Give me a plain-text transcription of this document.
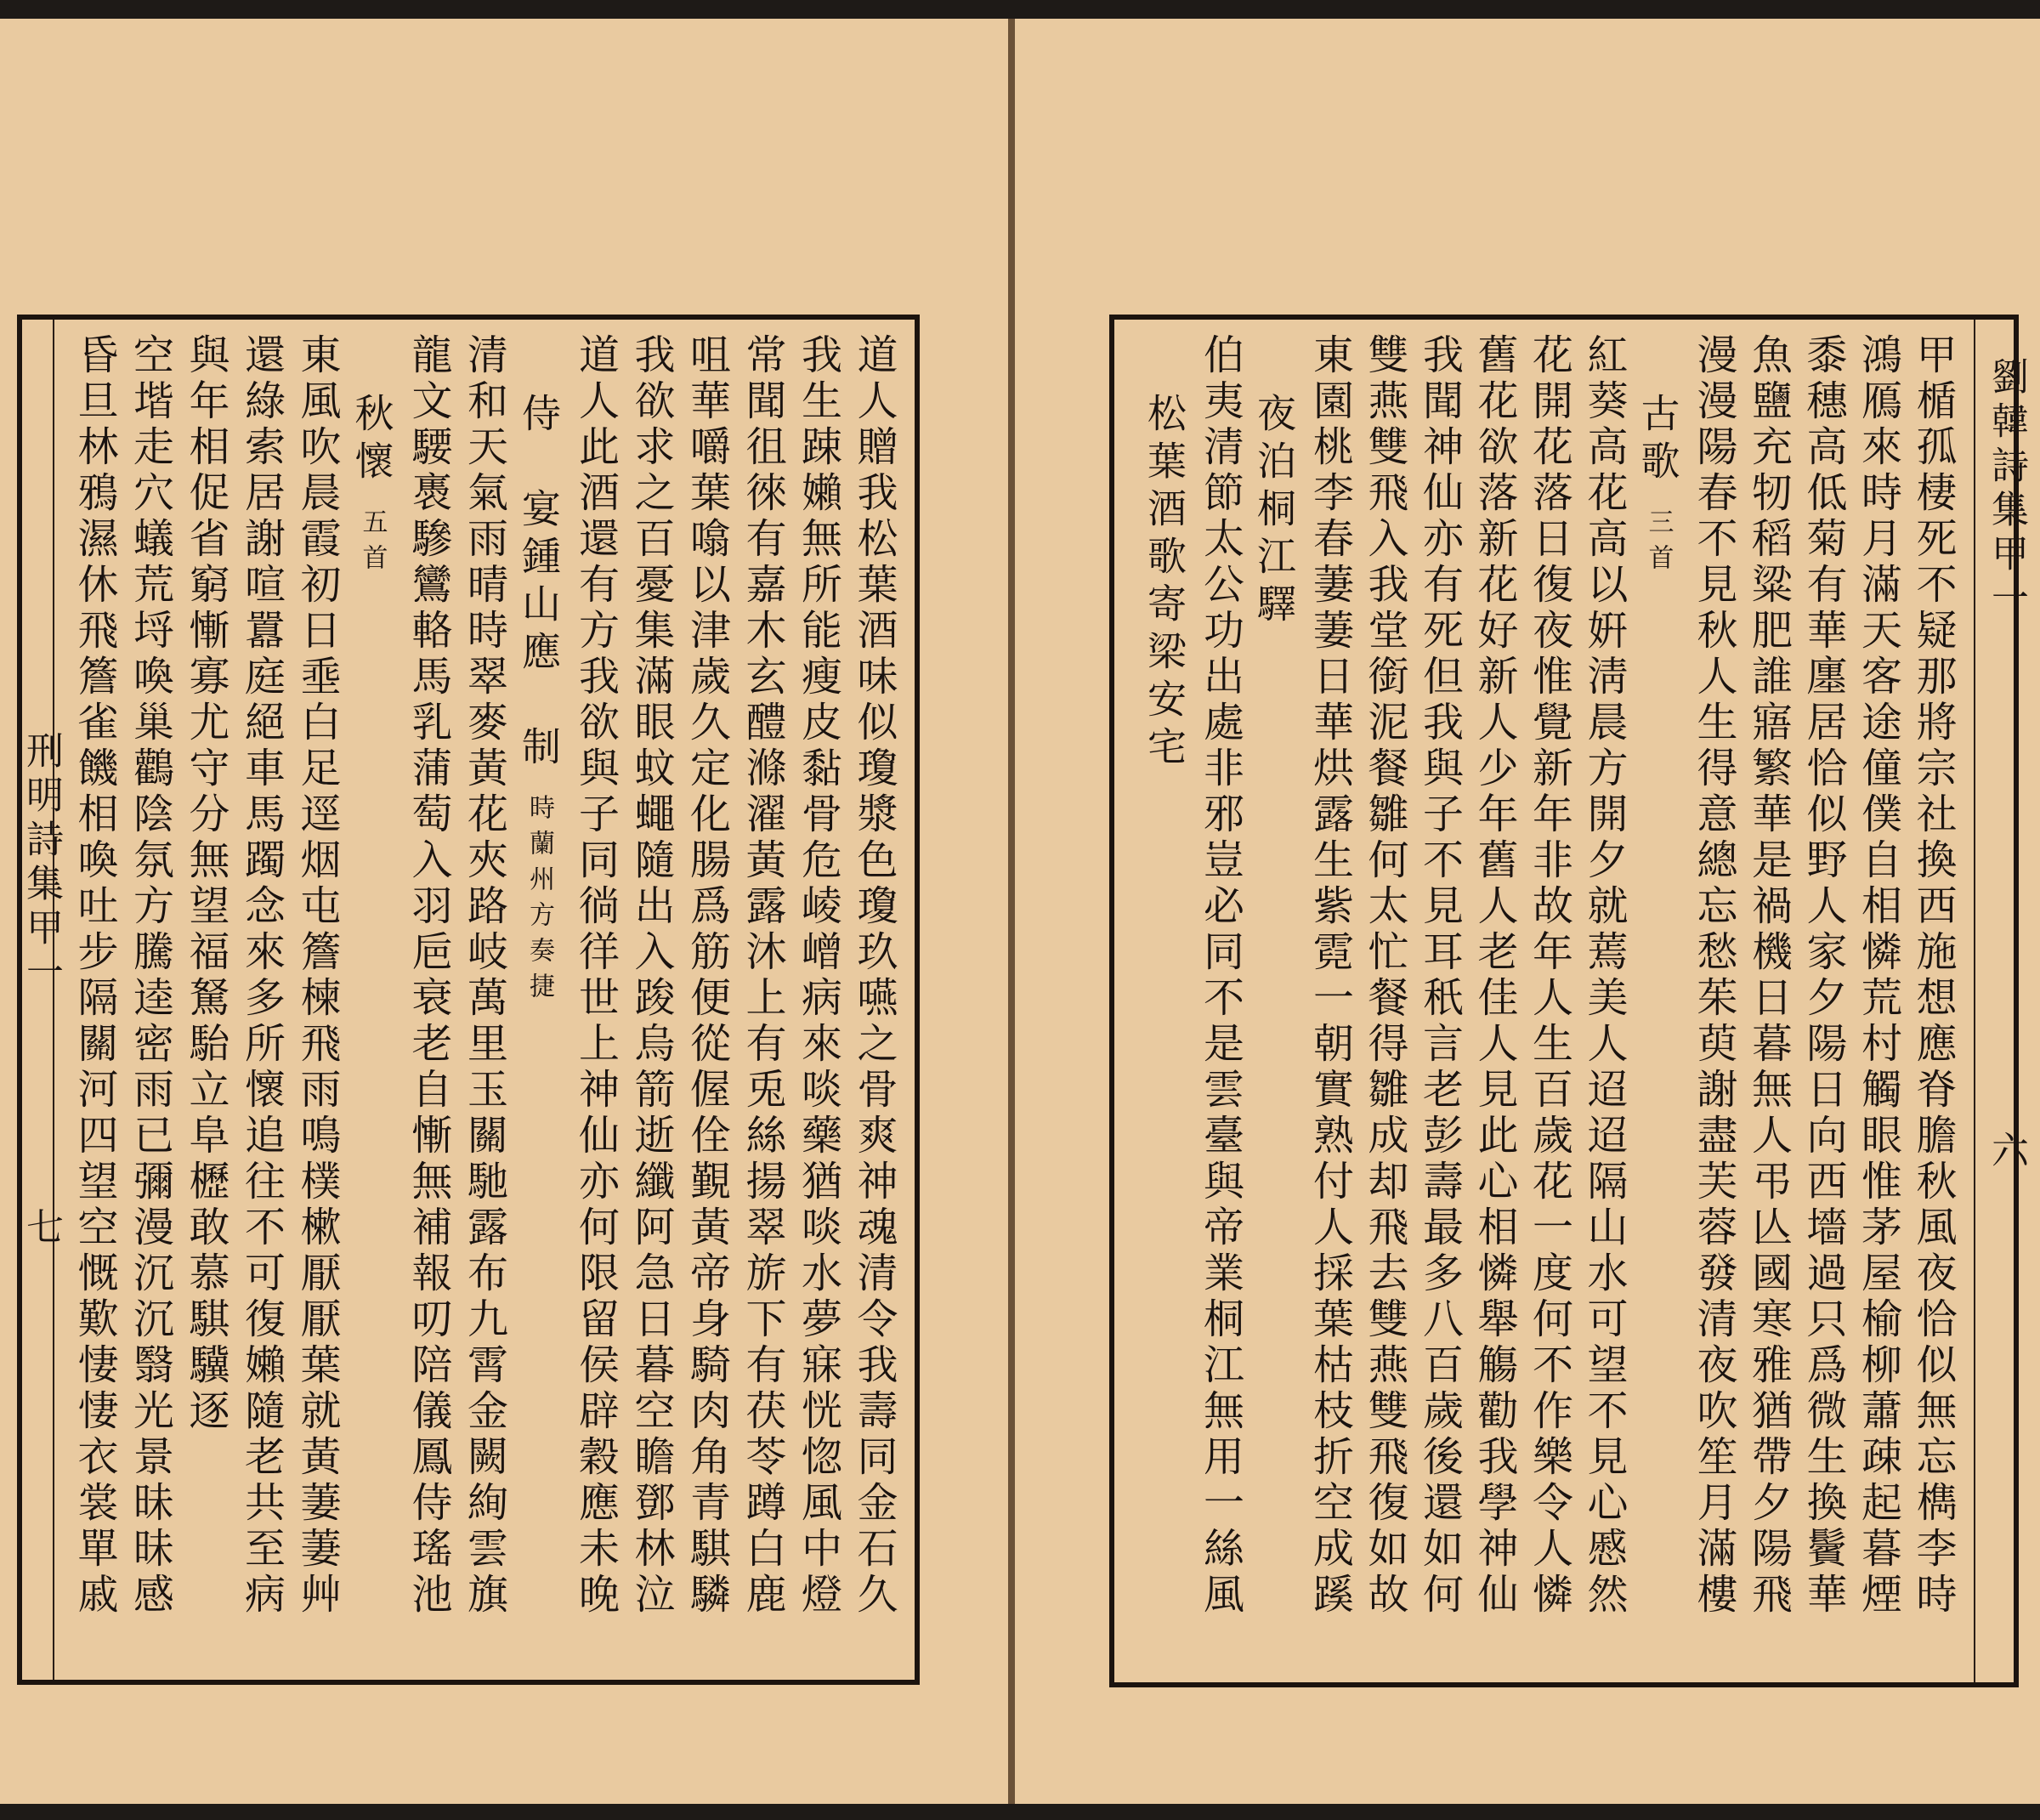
刑明詩集甲一
七
劉韓詩集甲一
六
道人贈我松葉酒味似瓊漿色瓊玖嚥之骨爽神魂清令我壽同金石久
我生踈嬾無所能瘦皮黏骨危崚嶒病來啖藥猶啖水夢寐恍惚風中燈
常聞徂徠有嘉木玄醴滌濯黃露沐上有兎絲揚翠旂下有茯苓蹲白鹿
咀華嚼葉噏以津歲久定化腸爲筋便從偓佺覲黃帝身騎肉角青騏驎
我欲求之百憂集滿眼蚊蠅隨出入踆烏箭逝纖阿急日暮空瞻鄧林泣
道人此酒還有方我欲與子同徜徉世上神仙亦何限留侯辟穀應未晚
侍　宴鍾山應　制時蘭州方奏捷
清和天氣雨晴時翠麥黃花夾路岐萬里玉關馳露布九霄金闕絢雲旗
龍文騕褭驂鸞輅馬乳蒲萄入羽巵衰老自慚無補報叨陪儀鳳侍瑤池
秋懷五首
東風吹晨霞初日埀白足逕烟屯簷楝飛雨鳴樸樕厭厭葉就黃萋萋艸
還綠索居謝喧囂庭絕車馬躅念來多所懷追往不可復嬾隨老共至病
與年相促省窮慚寡尤守分無望福駑駘立阜櫪敢慕騏驥逐
空堦走穴蟻荒埒喚巢鸛陰氛方騰逵密雨已彌漫沉沉翳光景昧昧感
昏旦林鴉濕休飛簷雀饑相喚吐步隔關河四望空慨歎悽悽衣裳單戚	甲楯孤棲死不疑那將宗社換西施想應脊膽秋風夜恰似無忘檇李時
鴻鴈來時月滿天客途僮僕自相憐荒村觸眼惟茅屋榆柳蕭疎起暮煙
黍穗高低菊有華廛居恰似野人家夕陽日向西墻過只爲微生換鬢華
魚鹽充牣稻粱肥誰寤繁華是禍機日暮無人弔亾國寒雅猶帶夕陽飛
漫漫陽春不見秋人生得意總忘愁茱萸謝盡芙蓉發清夜吹笙月滿樓
古歌三首
紅葵高花高以姸淸晨方開夕就蔫美人迢迢隔山水可望不見心慼然
花開花落日復夜惟覺新年非故年人生百歲花一度何不作樂令人憐
舊花欲落新花好新人少年舊人老佳人見此心相憐舉觴勸我學神仙
我聞神仙亦有死但我與子不見耳秖言老彭壽最多八百歲後還如何
雙燕雙飛入我堂銜泥餐雛何太忙餐得雛成却飛去雙燕雙飛復如故
東園桃李春萋萋日華烘露生紫霓一朝實熟付人採葉枯枝折空成蹊
夜泊桐江驛
伯夷清節太公功出處非邪豈必同不是雲臺與帝業桐江無用一絲風
松葉酒歌寄梁安宅
